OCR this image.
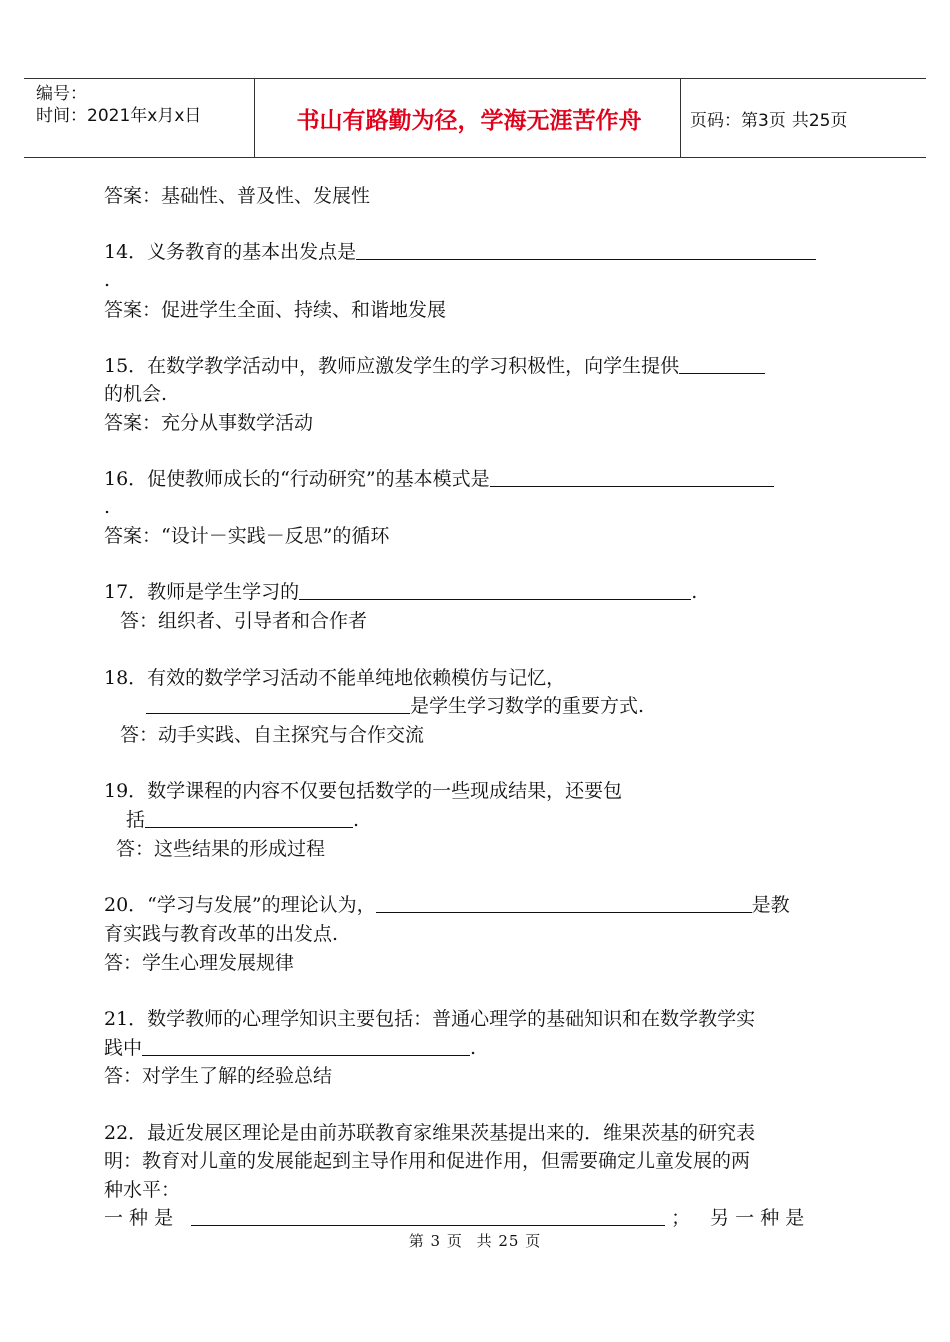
编号：
时间：2021年x月x日	书山有路勤为径，学海无涯苦作舟	页码：第3页 共25页
答案：基础性、普及性、发展性
14．义务教育的基本出发点是
.
答案：促进学生全面、持续、和谐地发展
15．在数学教学活动中，教师应激发学生的学习积极性，向学生提供
的机会.
答案：充分从事数学活动
16．促使教师成长的“行动研究”的基本模式是
.
答案：“设计－实践－反思”的循环
17．教师是学生学习的	.
答：组织者、引导者和合作者
18．有效的数学学习活动不能单纯地依赖模仿与记忆，
是学生学习数学的重要方式.
答：动手实践、自主探究与合作交流
19．数学课程的内容不仅要包括数学的一些现成结果，还要包
括	.
答：这些结果的形成过程
20．“学习与发展”的理论认为，	是教
育实践与教育改革的出发点.
答：学生心理发展规律
21．数学教师的心理学知识主要包括：普通心理学的基础知识和在数学教学实
践中	.
答：对学生了解的经验总结
22．最近发展区理论是由前苏联教育家维果茨基提出来的．维果茨基的研究表
明：教育对儿童的发展能起到主导作用和促进作用，但需要确定儿童发展的两
种水平：
一 种 是	； 另 一 种 是
第 3 页 共 25 页
